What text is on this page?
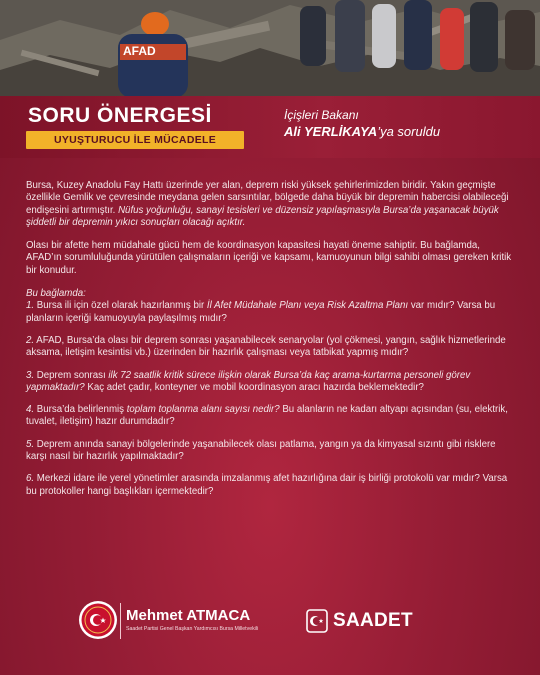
AFAD
SORU ÖNERGESİ
UYUŞTURUCU İLE MÜCADELE
İçişleri Bakanı
Ali YERLİKAYA’ya soruldu

Bursa, Kuzey Anadolu Fay Hattı üzerinde yer alan, deprem riski yüksek şehirlerimizden biridir. Yakın geçmişte özellikle Gemlik ve çevresinde meydana gelen sarsıntılar, bölgede daha büyük bir depremin habercisi olabileceği endişesini artırmıştır. Nüfus yoğunluğu, sanayi tesisleri ve düzensiz yapılaşmasıyla Bursa’da yaşanacak büyük şiddetli bir depremin yıkıcı sonuçları olacağı açıktır.

Olası bir afette hem müdahale gücü hem de koordinasyon kapasitesi hayati öneme sahiptir. Bu bağlamda, AFAD’ın sorumluluğunda yürütülen çalışmaların içeriği ve kapsamı, kamuoyunun bilgi sahibi olması gereken kritik bir konudur.

Bu bağlamda:

1. Bursa ili için özel olarak hazırlanmış bir İl Afet Müdahale Planı veya Risk Azaltma Planı var mıdır? Varsa bu planların içeriği kamuoyuyla paylaşılmış mıdır?

2. AFAD, Bursa’da olası bir deprem sonrası yaşanabilecek senaryolar (yol çökmesi, yangın, sağlık hizmetlerinde aksama, iletişim kesintisi vb.) üzerinden bir hazırlık çalışması veya tatbikat yapmış mıdır?

3. Deprem sonrası ilk 72 saatlik kritik sürece ilişkin olarak Bursa’da kaç arama-kurtarma personeli görev yapmaktadır? Kaç adet çadır, konteyner ve mobil koordinasyon aracı hazırda beklemektedir?

4. Bursa’da belirlenmiş toplam toplanma alanı sayısı nedir? Bu alanların ne kadarı altyapı açısından (su, elektrik, tuvalet, iletişim) hazır durumdadır?

5. Deprem anında sanayi bölgelerinde yaşanabilecek olası patlama, yangın ya da kimyasal sızıntı gibi risklere karşı nasıl bir hazırlık yapılmaktadır?

6. Merkezi idare ile yerel yönetimler arasında imzalanmış afet hazırlığına dair iş birliği protokolü var mıdır? Varsa bu protokoller hangi başlıkları içermektedir?

Mehmet ATMACA
Saadet Partisi Genel Başkan Yardımcısı Bursa Milletvekili	SAADET
